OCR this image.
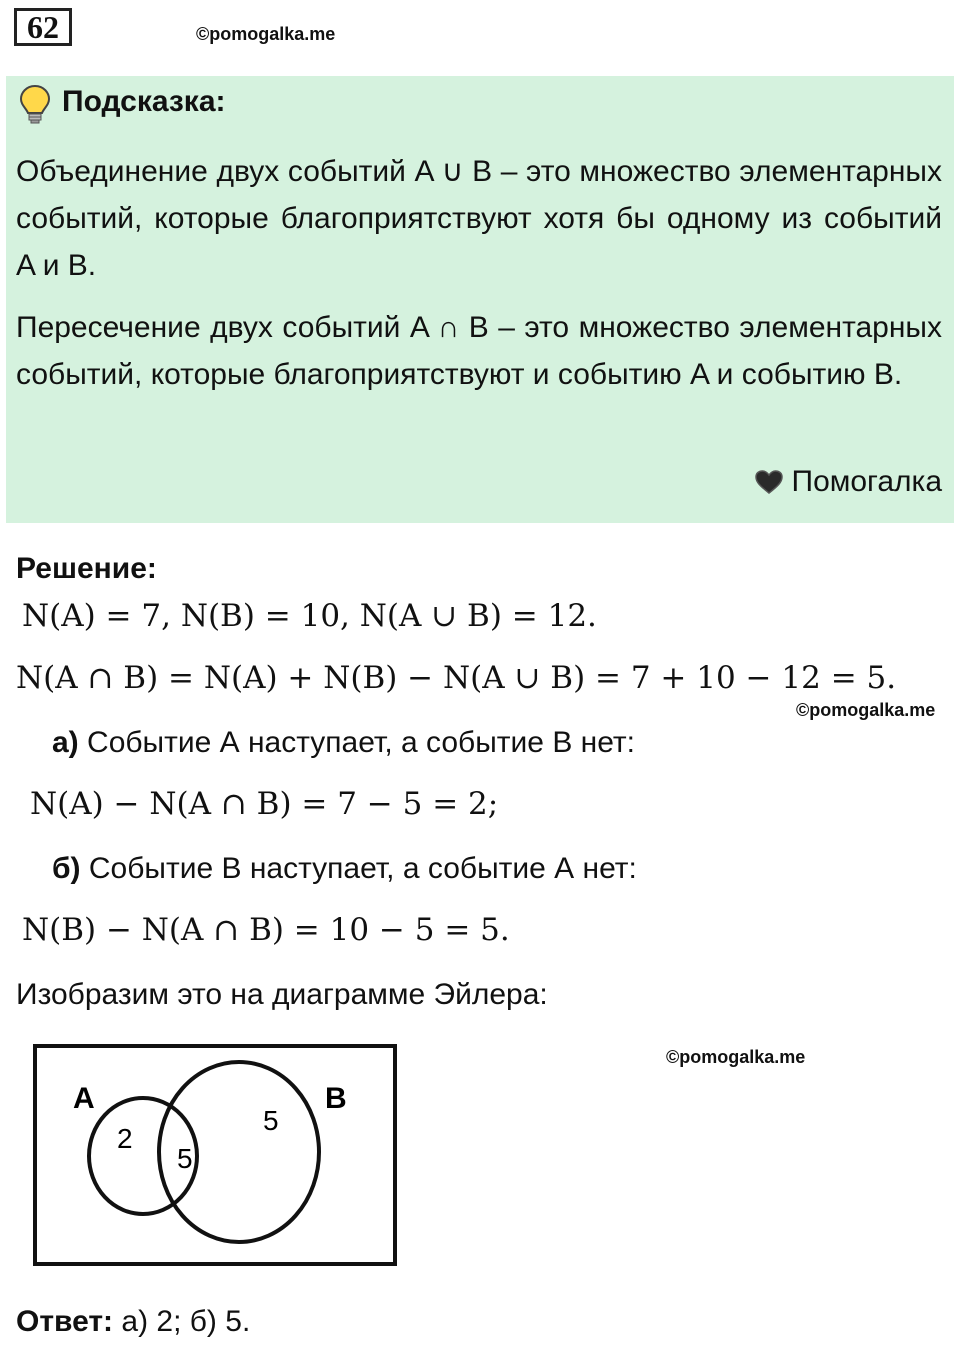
62	©pomogalka.me
Подсказка:
Объединение двух событий A ∪ B – это множество элементарных событий, которые благоприятствуют хотя бы одному из событий A и B.
Пересечение двух событий A ∩ B – это множество элементарных событий, которые благоприятствуют и событию A и событию B.
Помогалка
Решение:
N(A) = 7, N(B) = 10, N(A ∪ B) = 12.
N(A ∩ B) = N(A) + N(B) − N(A ∪ B) = 7 + 10 − 12 = 5.
©pomogalka.me
а) Событие А наступает, а событие В нет:
N(A) − N(A ∩ B) = 7 − 5 = 2;
б) Событие В наступает, а событие А нет:
N(B) − N(A ∩ B) = 10 − 5 = 5.
Изобразим это на диаграмме Эйлера:
©pomogalka.me
A	B
2
5
5
Ответ: а) 2; б) 5.
